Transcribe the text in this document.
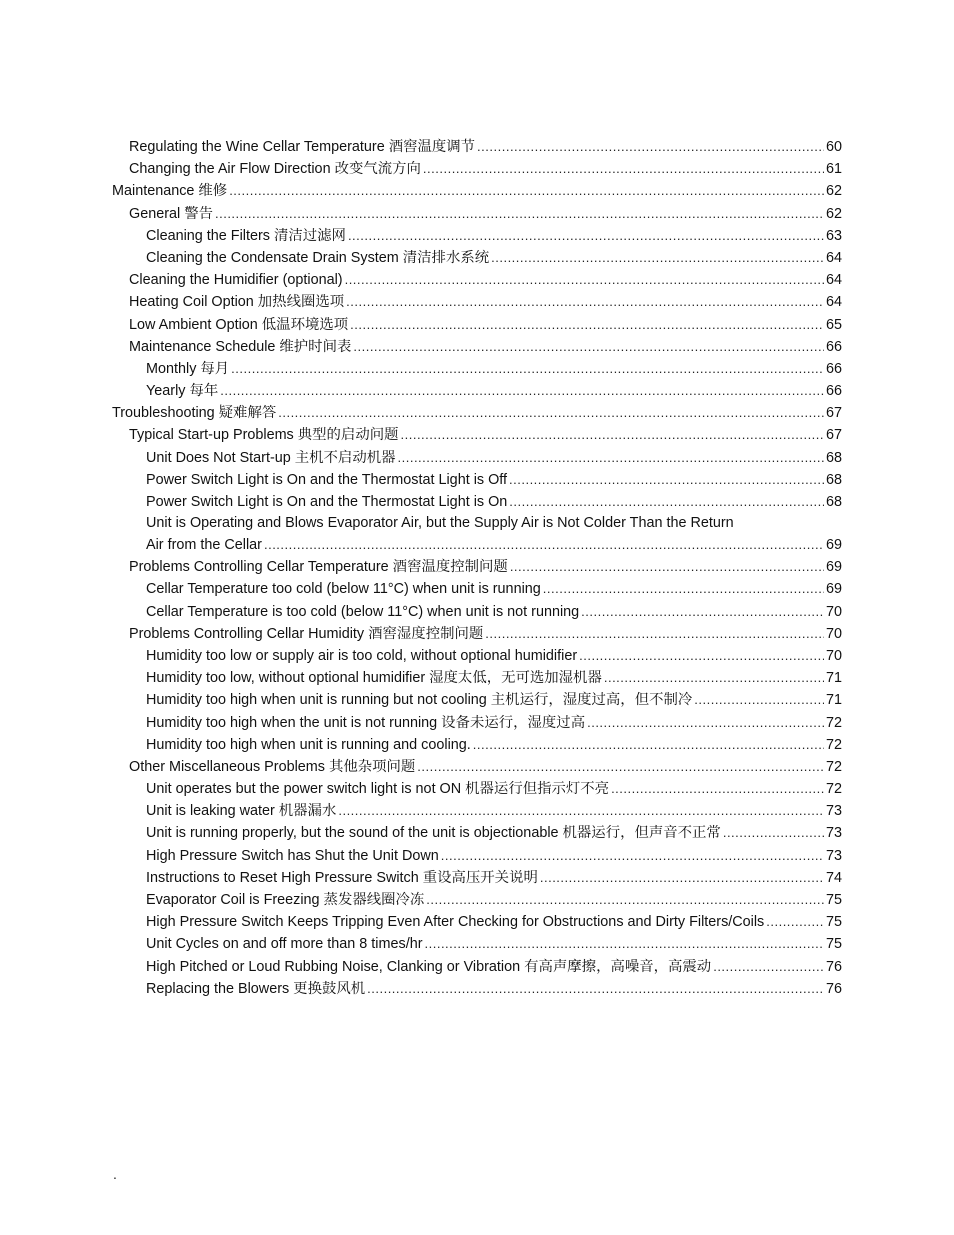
Regulating the Wine Cellar Temperature 酒窖温度调节 .....	60
Changing the Air Flow Direction 改变气流方向 .....	61
Maintenance 维修 .....	62
General 警告 .....	62
Cleaning the Filters 清洁过滤网 .....	63
Cleaning the Condensate Drain System 清洁排水系统 .....	64
Cleaning the Humidifier (optional) .....	64
Heating Coil Option 加热线圈选项 .....	64
Low Ambient Option 低温环境选项 .....	65
Maintenance Schedule 维护时间表 .....	66
Monthly 每月 .....	66
Yearly 每年 .....	66
Troubleshooting 疑难解答 .....	67
Typical Start-up Problems 典型的启动问题 .....	67
Unit Does Not Start-up 主机不启动机器 .....	68
Power Switch Light is On and the Thermostat Light is Off .....	68
Power Switch Light is On and the Thermostat Light is On .....	68
Unit is Operating and Blows Evaporator Air, but the Supply Air is Not Colder Than the Return
Air from the Cellar .....	69
Problems Controlling Cellar Temperature 酒窖温度控制问题 .....	69
Cellar Temperature too cold (below 11°C) when unit is running .....	69
Cellar Temperature is too cold (below 11°C) when unit is not running .....	70
Problems Controlling Cellar Humidity 酒窖湿度控制问题 .....	70
Humidity too low or supply air is too cold, without optional humidifier .....	70
Humidity too low, without optional humidifier 湿度太低，无可选加湿机器 .....	71
Humidity too high when unit is running but not cooling 主机运行，湿度过高，但不制冷 .....	71
Humidity too high when the unit is not running 设备未运行，湿度过高 .....	72
Humidity too high when unit is running and cooling. .....	72
Other Miscellaneous Problems 其他杂项问题 .....	72
Unit operates but the power switch light is not ON 机器运行但指示灯不亮 .....	72
Unit is leaking water 机器漏水 .....	73
Unit is running properly, but the sound of the unit is objectionable 机器运行，但声音不正常 .....	73
High Pressure Switch has Shut the Unit Down .....	73
Instructions to Reset High Pressure Switch 重设高压开关说明 .....	74
Evaporator Coil is Freezing 蒸发器线圈冷冻 .....	75
High Pressure Switch Keeps Tripping Even After Checking for Obstructions and Dirty Filters/Coils .....	75
Unit Cycles on and off more than 8 times/hr .....	75
High Pitched or Loud Rubbing Noise, Clanking or Vibration 有高声摩擦，高噪音，高震动 .....	76
Replacing the Blowers 更换鼓风机 .....	76
.
